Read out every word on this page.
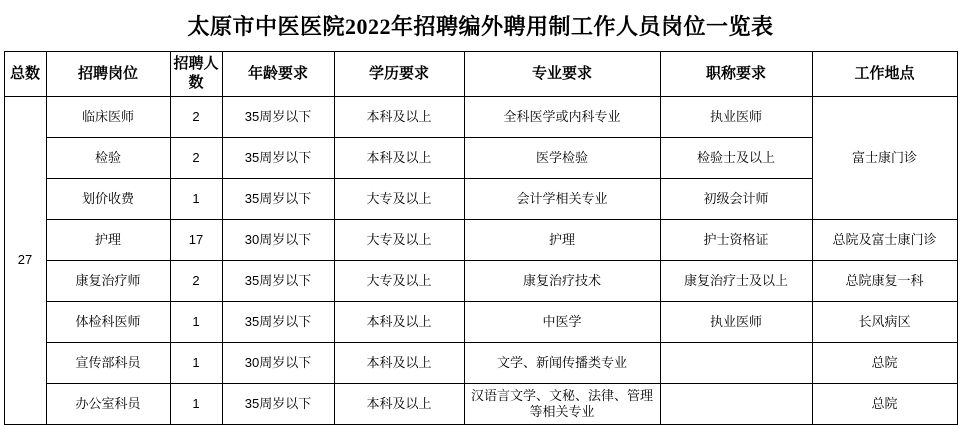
太原市中医医院2022年招聘编外聘用制工作人员岗位一览表
总数	招聘岗位	招聘人数	年龄要求	学历要求	专业要求	职称要求	工作地点
27	临床医师	2	35周岁以下	本科及以上	全科医学或内科专业	执业医师	富士康门诊
	检验	2	35周岁以下	本科及以上	医学检验	检验士及以上	
	划价收费	1	35周岁以下	大专及以上	会计学相关专业	初级会计师	
	护理	17	30周岁以下	大专及以上	护理	护士资格证	总院及富士康门诊
	康复治疗师	2	35周岁以下	大专及以上	康复治疗技术	康复治疗士及以上	总院康复一科
	体检科医师	1	35周岁以下	本科及以上	中医学	执业医师	长风病区
	宣传部科员	1	30周岁以下	本科及以上	文学、新闻传播类专业		总院
	办公室科员	1	35周岁以下	本科及以上	汉语言文学、文秘、法律、管理等相关专业		总院
